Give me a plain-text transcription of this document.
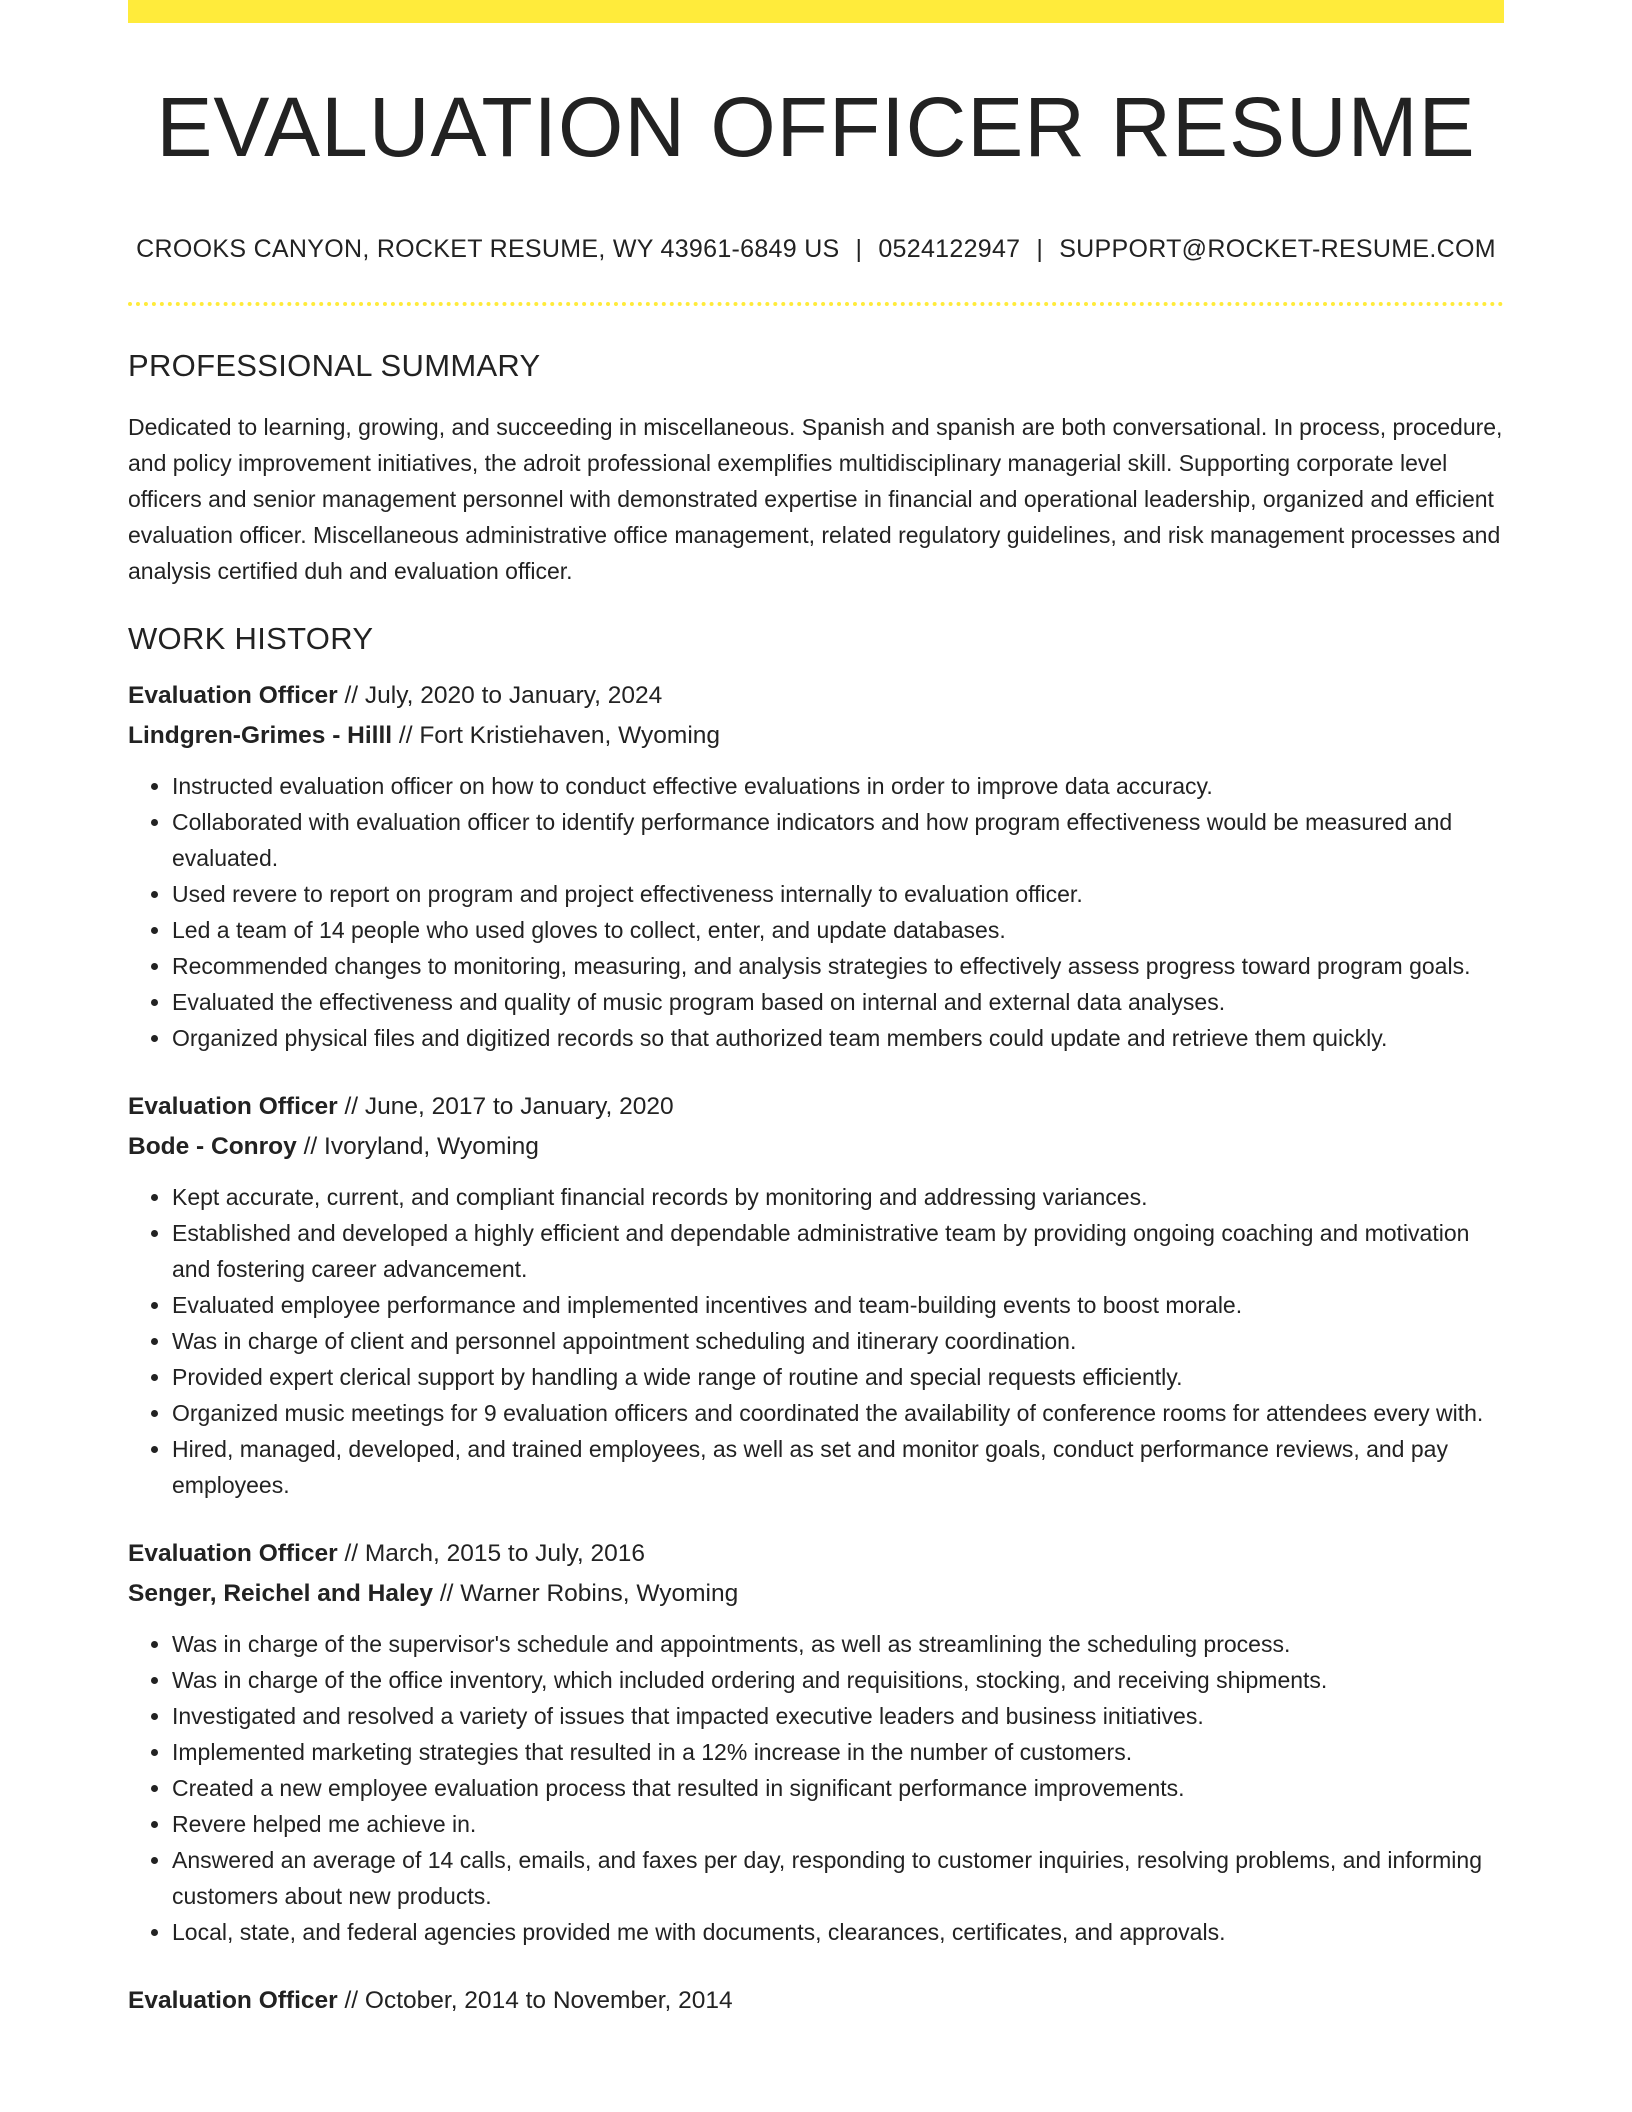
EVALUATION OFFICER RESUME
CROOKS CANYON, ROCKET RESUME, WY 43961-6849 US | 0524122947 | SUPPORT@ROCKET-RESUME.COM
PROFESSIONAL SUMMARY

Dedicated to learning, growing, and succeeding in miscellaneous. Spanish and spanish are both conversational. In process, procedure, and policy improvement initiatives, the adroit professional exemplifies multidisciplinary managerial skill. Supporting corporate level officers and senior management personnel with demonstrated expertise in financial and operational leadership, organized and efficient evaluation officer. Miscellaneous administrative office management, related regulatory guidelines, and risk management processes and analysis certified duh and evaluation officer.

WORK HISTORY
Evaluation Officer // July, 2020 to January, 2024
Lindgren-Grimes - Hilll // Fort Kristiehaven, Wyoming
• Instructed evaluation officer on how to conduct effective evaluations in order to improve data accuracy.
• Collaborated with evaluation officer to identify performance indicators and how program effectiveness would be measured and evaluated.
• Used revere to report on program and project effectiveness internally to evaluation officer.
• Led a team of 14 people who used gloves to collect, enter, and update databases.
• Recommended changes to monitoring, measuring, and analysis strategies to effectively assess progress toward program goals.
• Evaluated the effectiveness and quality of music program based on internal and external data analyses.
• Organized physical files and digitized records so that authorized team members could update and retrieve them quickly.
Evaluation Officer // June, 2017 to January, 2020
Bode - Conroy // Ivoryland, Wyoming
• Kept accurate, current, and compliant financial records by monitoring and addressing variances.
• Established and developed a highly efficient and dependable administrative team by providing ongoing coaching and motivation and fostering career advancement.
• Evaluated employee performance and implemented incentives and team-building events to boost morale.
• Was in charge of client and personnel appointment scheduling and itinerary coordination.
• Provided expert clerical support by handling a wide range of routine and special requests efficiently.
• Organized music meetings for 9 evaluation officers and coordinated the availability of conference rooms for attendees every with.
• Hired, managed, developed, and trained employees, as well as set and monitor goals, conduct performance reviews, and pay employees.
Evaluation Officer // March, 2015 to July, 2016
Senger, Reichel and Haley // Warner Robins, Wyoming
• Was in charge of the supervisor's schedule and appointments, as well as streamlining the scheduling process.
• Was in charge of the office inventory, which included ordering and requisitions, stocking, and receiving shipments.
• Investigated and resolved a variety of issues that impacted executive leaders and business initiatives.
• Implemented marketing strategies that resulted in a 12% increase in the number of customers.
• Created a new employee evaluation process that resulted in significant performance improvements.
• Revere helped me achieve in.
• Answered an average of 14 calls, emails, and faxes per day, responding to customer inquiries, resolving problems, and informing customers about new products.
• Local, state, and federal agencies provided me with documents, clearances, certificates, and approvals.
Evaluation Officer // October, 2014 to November, 2014
